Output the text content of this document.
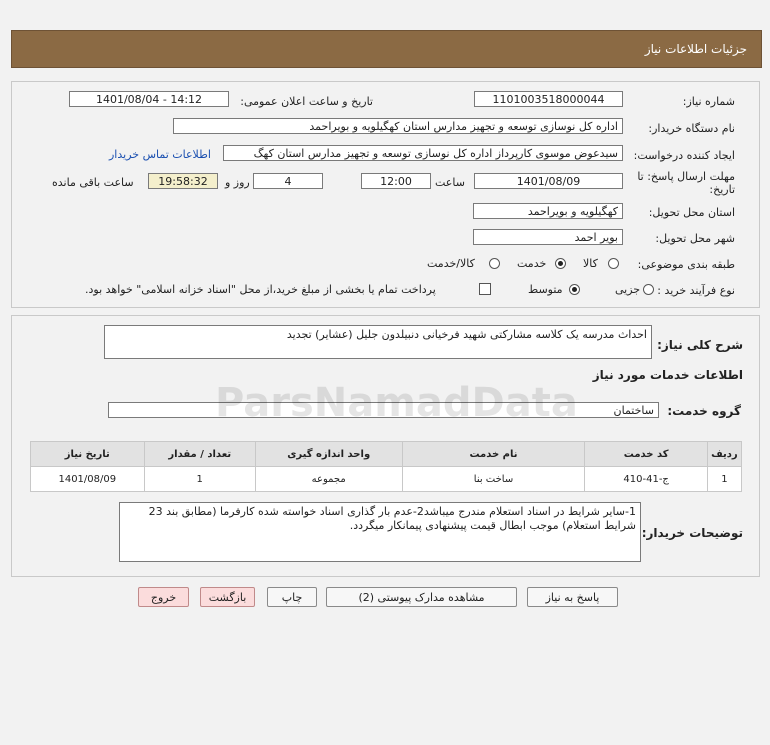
جزئیات اطلاعات نیاز
شماره نیاز:
1101003518000044
تاریخ و ساعت اعلان عمومی:
1401/08/04 - 14:12
نام دستگاه خریدار:
اداره کل نوسازی توسعه و تجهیز مدارس استان کهگیلویه و بویراحمد
ایجاد کننده درخواست:
سیدعوض موسوی کارپرداز اداره کل نوسازی توسعه و تجهیز مدارس استان کهگ
اطلاعات تماس خریدار
مهلت ارسال پاسخ: تا
تاریخ:
1401/08/09
ساعت
12:00
4
روز و
19:58:32
ساعت باقی مانده
استان محل تحویل:
کهگیلویه و بویراحمد
شهر محل تحویل:
بویر احمد
طبقه بندی موضوعی:
کالا
خدمت
کالا/خدمت
نوع فرآیند خرید :
جزیی
متوسط
پرداخت تمام یا بخشی از مبلغ خرید،از محل "اسناد خزانه اسلامی" خواهد بود.
شرح کلی نیاز:
احداث مدرسه یک کلاسه مشارکتی شهید فرخیانی دنبیلدون جلیل (عشایر) تجدید
اطلاعات خدمات مورد نیاز
گروه خدمت:
ساختمان
ردیف	کد خدمت	نام خدمت	واحد اندازه گیری	تعداد / مقدار	تاریخ نیاز
1	ج-41-410	ساخت بنا	مجموعه	1	1401/08/09
توضیحات خریدار:
1-سایر شرایط در اسناد استعلام مندرج میباشد2-عدم بار گذاری اسناد خواسته شده کارفرما (مطابق بند 23 شرایط استعلام) موجب ابطال قیمت پیشنهادی پیمانکار میگردد.
پاسخ به نیاز
مشاهده مدارک پیوستی (2)
چاپ
بازگشت
خروج
